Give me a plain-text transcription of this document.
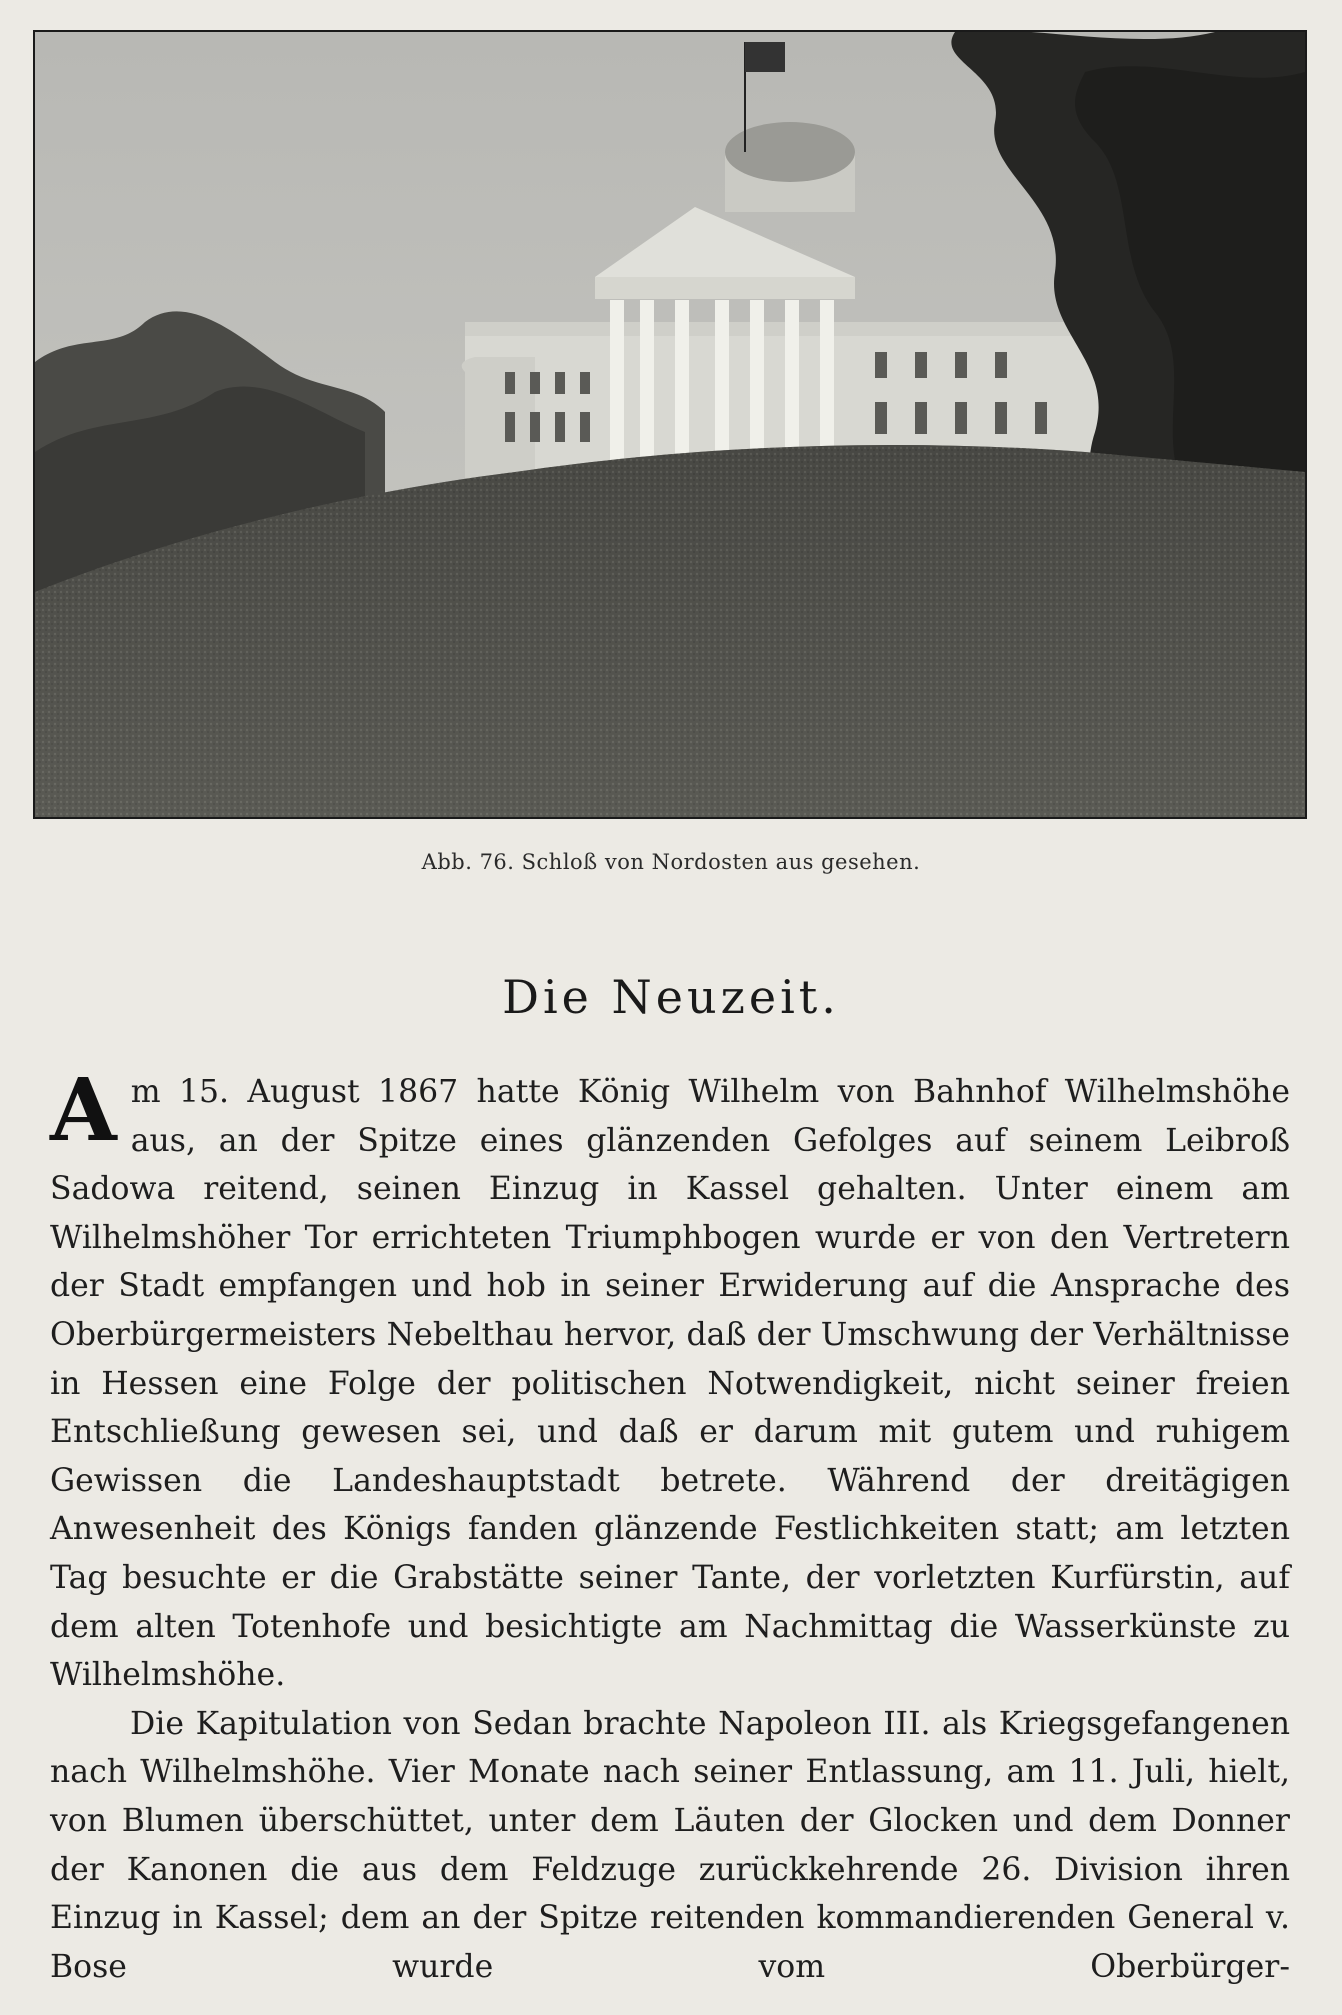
Abb. 76. Schloß von Nordosten aus gesehen.
Die Neuzeit.

Am 15. August 1867 hatte König Wilhelm von Bahnhof Wilhelmshöhe aus, an der Spitze eines glänzenden Gefolges auf seinem Leibroß Sadowa reitend, seinen Einzug in Kassel gehalten. Unter einem am Wilhelmshöher Tor errichteten Triumphbogen wurde er von den Vertretern der Stadt empfangen und hob in seiner Erwiderung auf die Ansprache des Oberbürgermeisters Nebelthau hervor, daß der Umschwung der Verhältnisse in Hessen eine Folge der politischen Notwendigkeit, nicht seiner freien Entschließung gewesen sei, und daß er darum mit gutem und ruhigem Gewissen die Landeshauptstadt betrete. Während der dreitägigen Anwesenheit des Königs fanden glänzende Festlichkeiten statt; am letzten Tag besuchte er die Grabstätte seiner Tante, der vorletzten Kurfürstin, auf dem alten Totenhofe und besichtigte am Nachmittag die Wasserkünste zu Wilhelmshöhe.

Die Kapitulation von Sedan brachte Napoleon III. als Kriegsgefangenen nach Wilhelmshöhe. Vier Monate nach seiner Entlassung, am 11. Juli, hielt, von Blumen überschüttet, unter dem Läuten der Glocken und dem Donner der Kanonen die aus dem Feldzuge zurückkehrende 26. Division ihren Einzug in Kassel; dem an der Spitze reitenden kommandierenden General v. Bose wurde vom Oberbürger-
